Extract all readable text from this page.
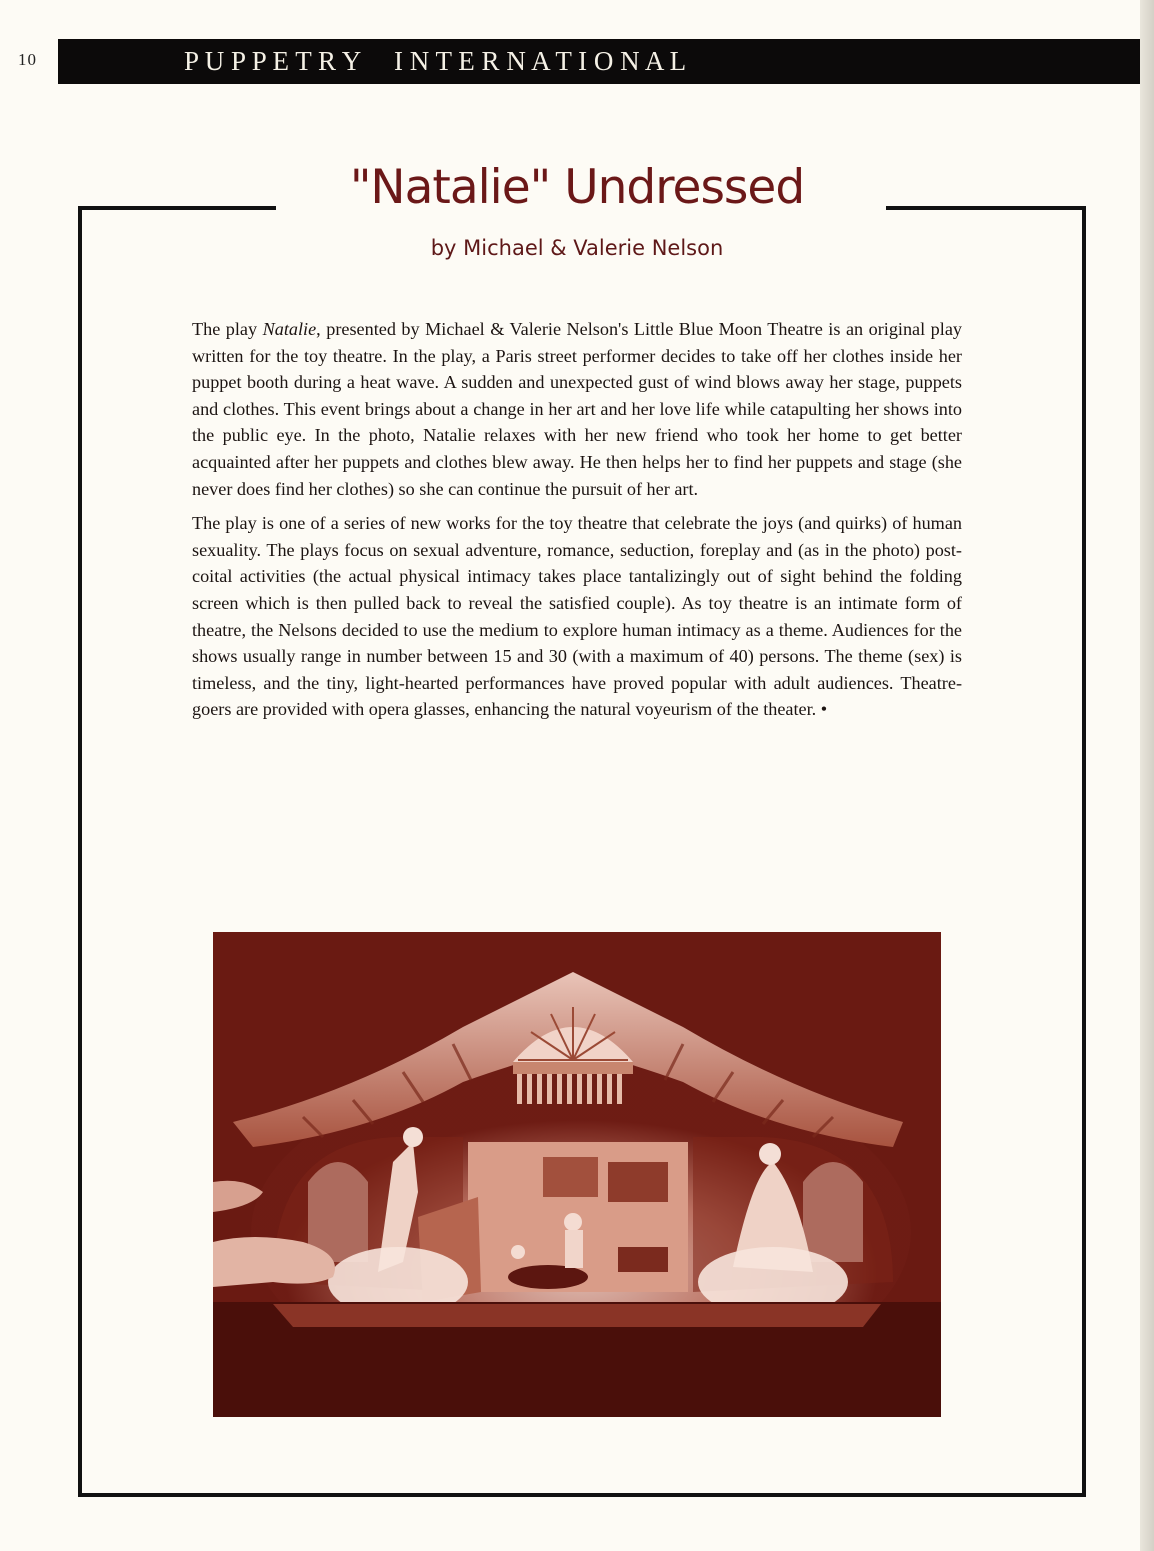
10	P U P P E T R Y     I N T E R N A T I O N A L
"Natalie" Undressed

by Michael & Valerie Nelson

The play Natalie, presented by Michael & Valerie Nelson's Little Blue Moon Theatre is an original play written for the toy theatre. In the play, a Paris street performer decides to take off her clothes inside her puppet booth during a heat wave. A sudden and unexpected gust of wind blows away her stage, puppets and clothes. This event brings about a change in her art and her love life while catapulting her shows into the public eye. In the photo, Natalie relaxes with her new friend who took her home to get better acquainted after her puppets and clothes blew away. He then helps her to find her puppets and stage (she never does find her clothes) so she can continue the pursuit of her art.

The play is one of a series of new works for the toy theatre that celebrate the joys (and quirks) of human sexuality. The plays focus on sexual adventure, romance, seduction, foreplay and (as in the photo) post-coital activities (the actual physical intimacy takes place tantalizingly out of sight behind the folding screen which is then pulled back to reveal the satisfied couple). As toy theatre is an intimate form of theatre, the Nelsons decided to use the medium to explore human intimacy as a theme. Audiences for the shows usually range in number between 15 and 30 (with a maximum of 40) persons. The theme (sex) is timeless, and the tiny, light-hearted performances have proved popular with adult audiences. Theatre-goers are provided with opera glasses, enhancing the natural voyeurism of the theater. •
